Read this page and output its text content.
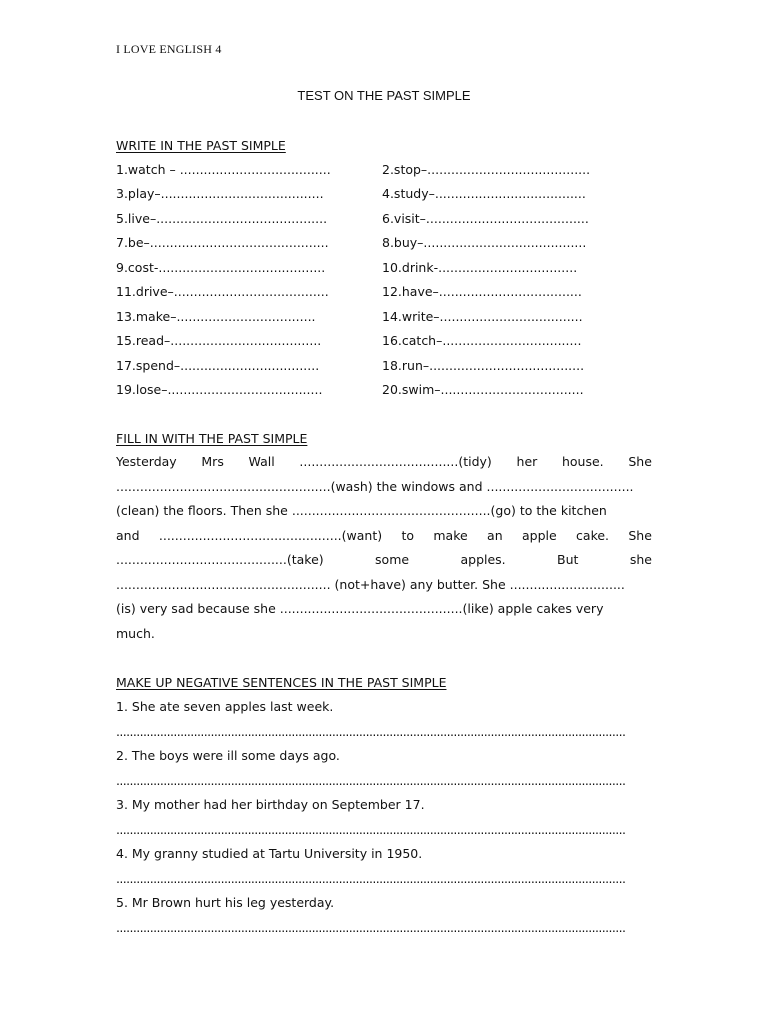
I LOVE ENGLISH 4
TEST ON THE PAST SIMPLE
WRITE IN THE PAST SIMPLE
1.watch – ......................................	2.stop–.........................................
3.play–.........................................	4.study–......................................
5.live–...........................................	6.visit–.........................................
7.be–.............................................	8.buy–.........................................
9.cost-..........................................	10.drink-...................................
11.drive–.......................................	12.have–....................................
13.make–...................................	14.write–....................................
15.read–......................................	16.catch–...................................
17.spend–...................................	18.run–.......................................
19.lose–.......................................	20.swim–....................................
FILL IN WITH THE PAST SIMPLE
Yesterday Mrs Wall ........................................(tidy) her house. She
......................................................(wash) the windows and .....................................
(clean) the floors. Then she ..................................................(go) to the kitchen
and ..............................................(want) to make an apple cake. She
...........................................(take)	some	apples.	But	she
...................................................... (not+have) any butter. She .............................
(is) very sad because she ..............................................(like) apple cakes very
much.
MAKE UP NEGATIVE SENTENCES IN THE PAST SIMPLE
1. She ate seven apples last week.
.......................................................................................................................................................
2. The boys were ill some days ago.
.......................................................................................................................................................
3. My mother had her birthday on September 17.
.......................................................................................................................................................
4. My granny studied at Tartu University in 1950.
.......................................................................................................................................................
5. Mr Brown hurt his leg yesterday.
.......................................................................................................................................................
